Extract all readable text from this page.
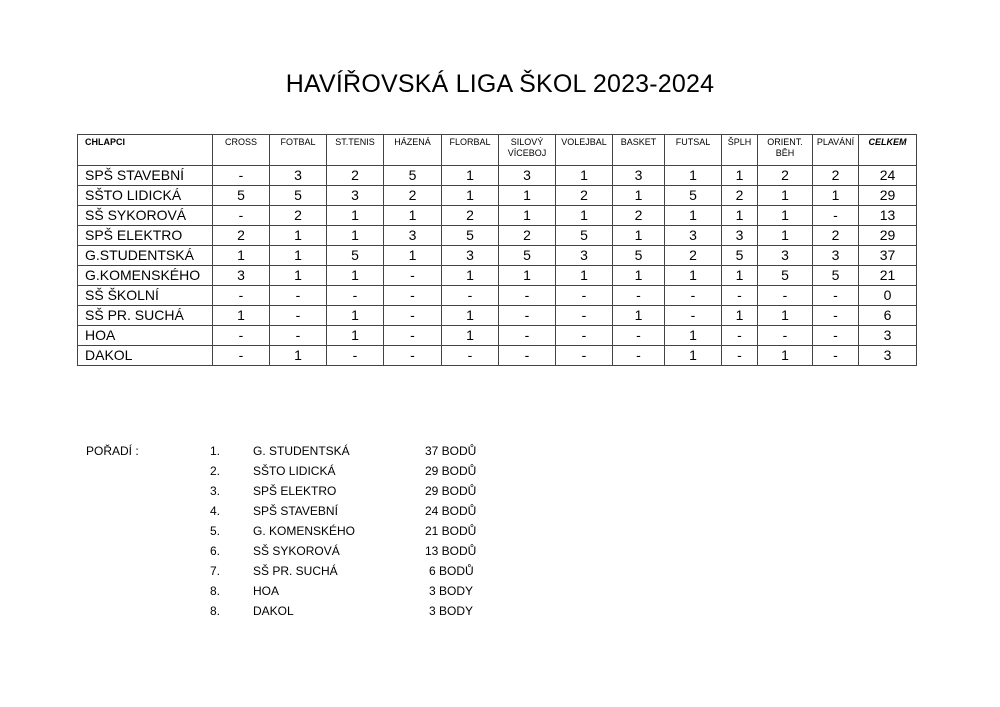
HAVÍŘOVSKÁ LIGA ŠKOL 2023-2024
CHLAPCI	CROSS	FOTBAL	ST.TENIS	HÁZENÁ	FLORBAL	SILOVÝ VÍCEBOJ	VOLEJBAL	BASKET	FUTSAL	ŠPLH	ORIENT. BĚH	PLAVÁNÍ	CELKEM
SPŠ STAVEBNÍ	-	3	2	5	1	3	1	3	1	1	2	2	24
SŠTO LIDICKÁ	5	5	3	2	1	1	2	1	5	2	1	1	29
SŠ SYKOROVÁ	-	2	1	1	2	1	1	2	1	1	1	-	13
SPŠ ELEKTRO	2	1	1	3	5	2	5	1	3	3	1	2	29
G.STUDENTSKÁ	1	1	5	1	3	5	3	5	2	5	3	3	37
G.KOMENSKÉHO	3	1	1	-	1	1	1	1	1	1	5	5	21
SŠ ŠKOLNÍ	-	-	-	-	-	-	-	-	-	-	-	-	0
SŠ PR. SUCHÁ	1	-	1	-	1	-	-	1	-	1	1	-	6
HOA	-	-	1	-	1	-	-	-	1	-	-	-	3
DAKOL	-	1	-	-	-	-	-	-	1	-	1	-	3
POŘADÍ :	1.	G. STUDENTSKÁ	37 BODŮ
2.	SŠTO LIDICKÁ	29 BODŮ
3.	SPŠ ELEKTRO	29 BODŮ
4.	SPŠ STAVEBNÍ	24 BODŮ
5.	G. KOMENSKÉHO	21 BODŮ
6.	SŠ SYKOROVÁ	13 BODŮ
7.	SŠ PR. SUCHÁ	6 BODŮ
8.	HOA	3 BODY
8.	DAKOL	3 BODY
